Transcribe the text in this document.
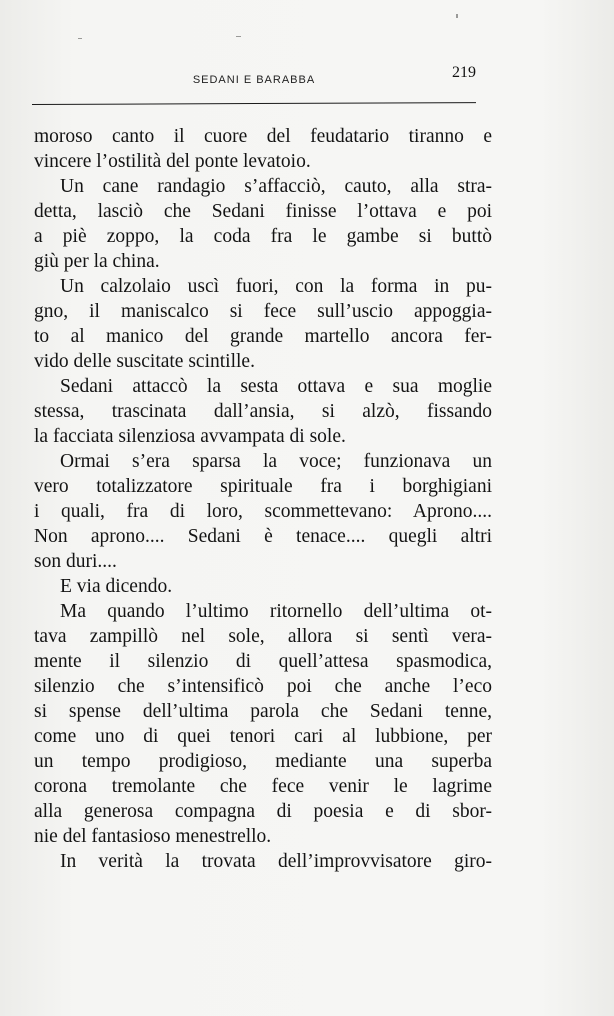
SEDANI E BARABBA	219
moroso canto il cuore del feudatario tiranno e
vincere l’ostilità del ponte levatoio.
Un cane randagio s’affacciò, cauto, alla stra-
detta, lasciò che Sedani finisse l’ottava e poi
a piè zoppo, la coda fra le gambe si buttò
giù per la china.
Un calzolaio uscì fuori, con la forma in pu-
gno, il maniscalco si fece sull’uscio appoggia-
to al manico del grande martello ancora fer-
vido delle suscitate scintille.
Sedani attaccò la sesta ottava e sua moglie
stessa, trascinata dall’ansia, si alzò, fissando
la facciata silenziosa avvampata di sole.
Ormai s’era sparsa la voce; funzionava un
vero totalizzatore spirituale fra i borghigiani
i quali, fra di loro, scommettevano: Aprono....
Non aprono.... Sedani è tenace.... quegli altri
son duri....
E via dicendo.
Ma quando l’ultimo ritornello dell’ultima ot-
tava zampillò nel sole, allora si sentì vera-
mente il silenzio di quell’attesa spasmodica,
silenzio che s’intensificò poi che anche l’eco
si spense dell’ultima parola che Sedani tenne,
come uno di quei tenori cari al lubbione, per
un tempo prodigioso, mediante una superba
corona tremolante che fece venir le lagrime
alla generosa compagna di poesia e di sbor-
nie del fantasioso menestrello.
In verità la trovata dell’improvvisatore giro-
